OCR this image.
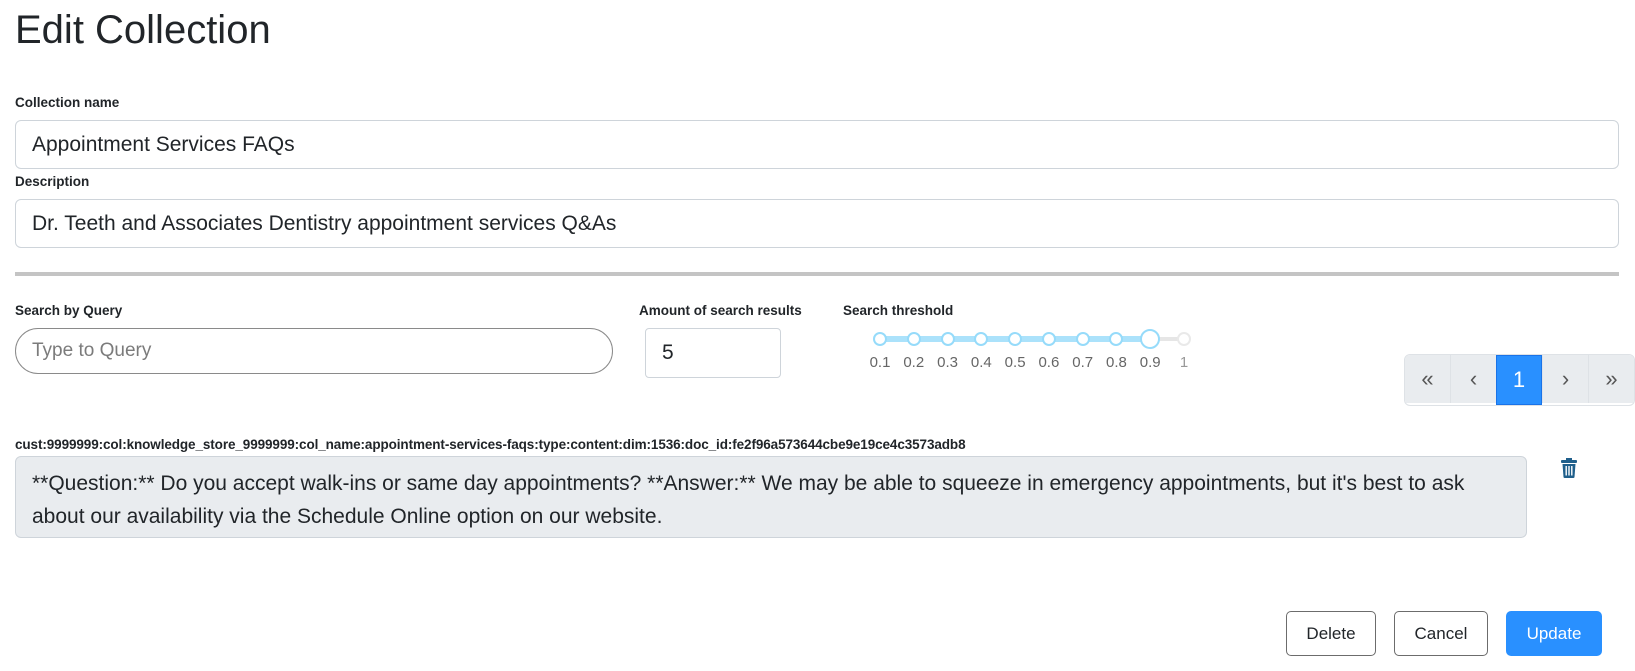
Edit Collection
Collection name
Appointment Services FAQs
Description
Dr. Teeth and Associates Dentistry appointment services Q&As
Search by Query
Type to Query	Amount of search results
5
Search threshold
0.1 0.2 0.3 0.4 0.5 0.6 0.7 0.8 0.9 1
«	‹	1	›	»
cust:9999999:col:knowledge_store_9999999:col_name:appointment-services-faqs:type:content:dim:1536:doc_id:fe2f96a573644cbe9e19ce4c3573adb8
**Question:** Do you accept walk-ins or same day appointments? **Answer:** We may be able to squeeze in emergency appointments, but it's best to ask about our availability via the Schedule Online option on our website.
Delete	Cancel	Update
